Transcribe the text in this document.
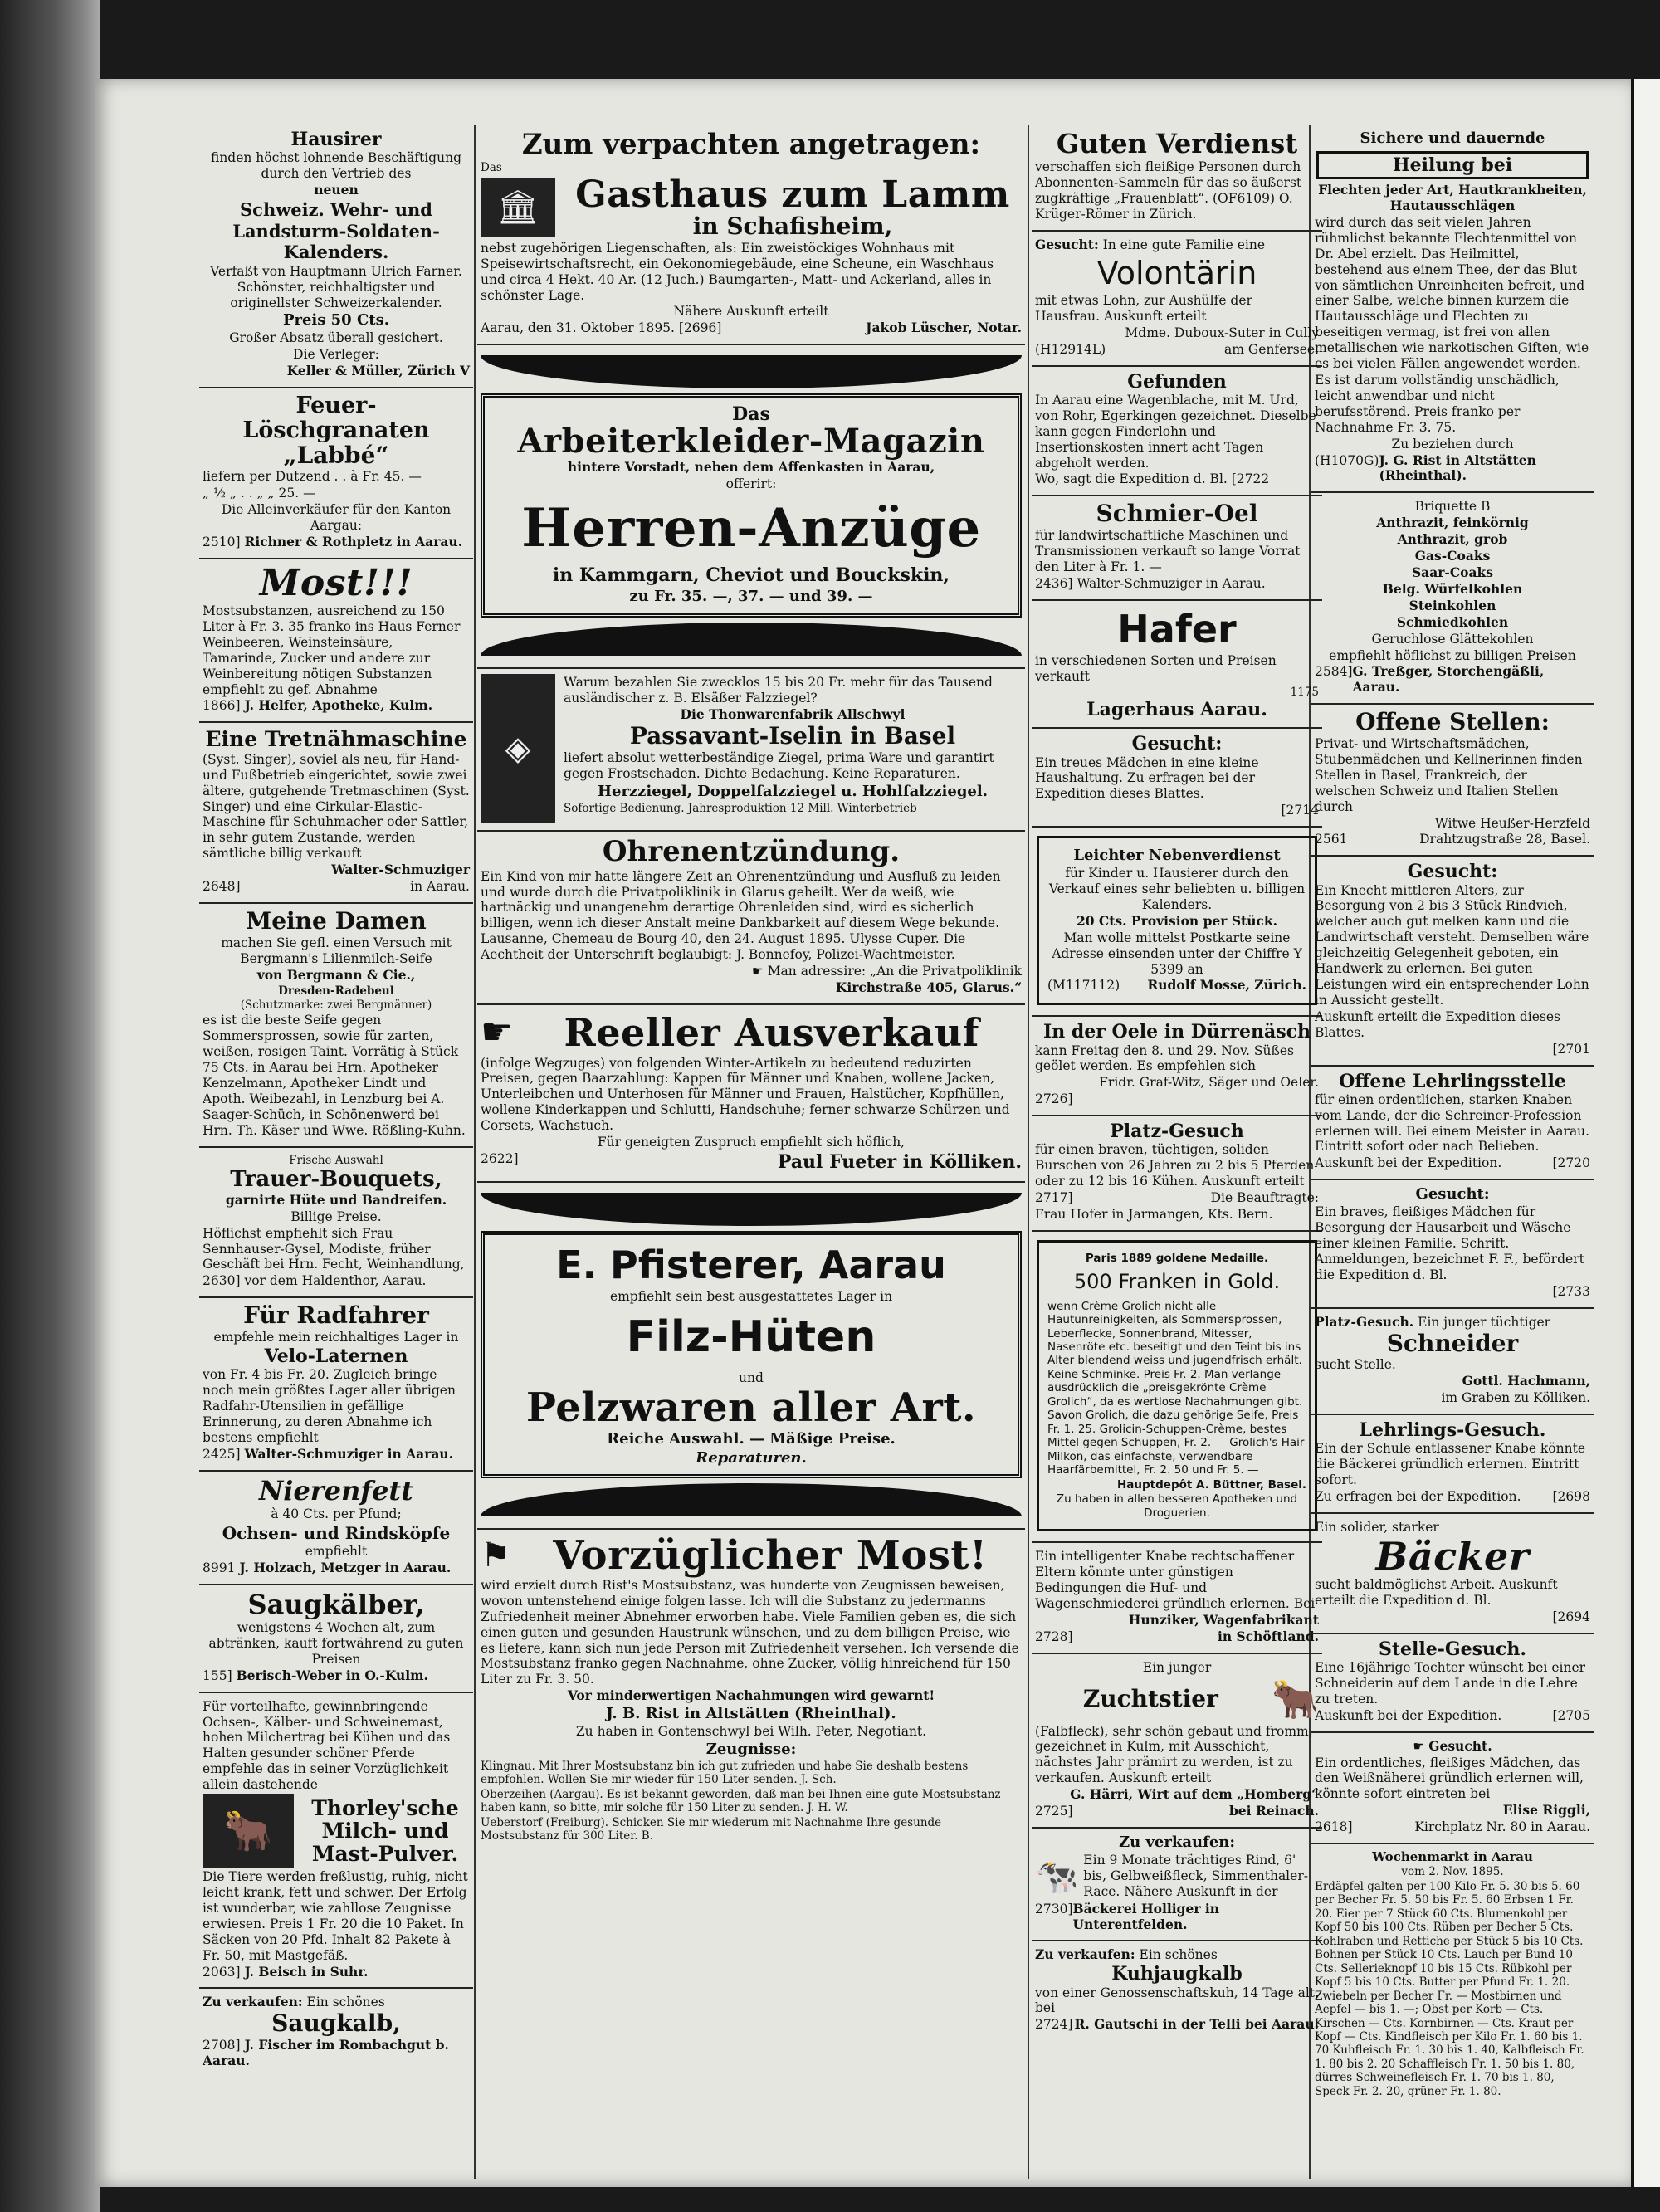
Hausirer

finden höchst lohnende Beschäftigung durch den Vertrieb des

neuen

Schweiz. Wehr- und Landsturm-Soldaten-Kalenders.

Verfaßt von Hauptmann Ulrich Farner. Schönster, reichhaltigster und originellster Schweizerkalender.

Preis 50 Cts.

Großer Absatz überall gesichert.

Die Verleger:

Keller & Müller, Zürich V

Feuer-Löschgranaten
„Labbé“

liefern per Dutzend . . à Fr. 45. —

„ ½ „ . . „ „ 25. —

Die Alleinverkäufer für den Kanton Aargau:

2510] Richner & Rothpletz in Aarau.

Most!!!

Mostsubstanzen, ausreichend zu 150 Liter à Fr. 3. 35 franko ins Haus Ferner Weinbeeren, Weinsteinsäure, Tamarinde, Zucker und andere zur Weinbereitung nötigen Substanzen empfiehlt zu gef. Abnahme

1866] J. Helfer, Apotheke, Kulm.

Eine Tretnähmaschine

(Syst. Singer), soviel als neu, für Hand- und Fußbetrieb eingerichtet, sowie zwei ältere, gutgehende Tretmaschinen (Syst. Singer) und eine Cirkular-Elastic-Maschine für Schuhmacher oder Sattler, in sehr gutem Zustande, werden sämtliche billig verkauft

Walter-Schmuziger

2648]	in Aarau.

Meine Damen

machen Sie gefl. einen Versuch mit Bergmann's Lilienmilch-Seife

von Bergmann & Cie.,

Dresden-Radebeul

(Schutzmarke: zwei Bergmänner)

es ist die beste Seife gegen Sommersprossen, sowie für zarten, weißen, rosigen Taint. Vorrätig à Stück 75 Cts. in Aarau bei Hrn. Apotheker Kenzelmann, Apotheker Lindt und Apoth. Weibezahl, in Lenzburg bei A. Saager-Schüch, in Schönenwerd bei Hrn. Th. Käser und Wwe. Rößling-Kuhn.

Frische Auswahl

Trauer-Bouquets,

garnirte Hüte und Bandreifen.

Billige Preise.

Höflichst empfiehlt sich Frau Sennhauser-Gysel, Modiste, früher Geschäft bei Hrn. Fecht, Weinhandlung,

2630] vor dem Haldenthor, Aarau.

Für Radfahrer

empfehle mein reichhaltiges Lager in

Velo-Laternen

von Fr. 4 bis Fr. 20. Zugleich bringe noch mein größtes Lager aller übrigen Radfahr-Utensilien in gefällige Erinnerung, zu deren Abnahme ich bestens empfiehlt

2425] Walter-Schmuziger in Aarau.

Nierenfett

à 40 Cts. per Pfund;

Ochsen- und Rindsköpfe

empfiehlt

8991 J. Holzach, Metzger in Aarau.

Saugkälber,

wenigstens 4 Wochen alt, zum abtränken, kauft fortwährend zu guten Preisen

155] Berisch-Weber in O.-Kulm.

Für vorteilhafte, gewinnbringende Ochsen-, Kälber- und Schweinemast, hohen Milchertrag bei Kühen und das Halten gesunder schöner Pferde empfehle das in seiner Vorzüglichkeit allein dastehende

🐂	Thorley'sche Milch- und Mast-Pulver.

Die Tiere werden freßlustig, ruhig, nicht leicht krank, fett und schwer. Der Erfolg ist wunderbar, wie zahllose Zeugnisse erwiesen. Preis 1 Fr. 20 die 10 Paket. In Säcken von 20 Pfd. Inhalt 82 Pakete à Fr. 50, mit Mastgefäß.

2063] J. Beisch in Suhr.

Zu verkaufen: Ein schönes

Saugkalb,

2708] J. Fischer im Rombachgut b. Aarau.

Zum verpachten angetragen:

Das

🏛 Gasthaus zum Lamm
in Schafisheim,

nebst zugehörigen Liegenschaften, als: Ein zweistöckiges Wohnhaus mit Speisewirtschaftsrecht, ein Oekonomiegebäude, eine Scheune, ein Waschhaus und circa 4 Hekt. 40 Ar. (12 Juch.) Baumgarten-, Matt- und Ackerland, alles in schönster Lage.

Nähere Auskunft erteilt

Aarau, den 31. Oktober 1895. [2696]	Jakob Lüscher, Notar.

Das
Arbeiterkleider-Magazin

hintere Vorstadt, neben dem Affenkasten in Aarau,

offerirt:

Herren-Anzüge

in Kammgarn, Cheviot und Bouckskin,

zu Fr. 35. —, 37. — und 39. —

◈

Warum bezahlen Sie zwecklos 15 bis 20 Fr. mehr für das Tausend ausländischer z. B. Elsäßer Falzziegel?

Die Thonwarenfabrik Allschwyl

Passavant-Iselin in Basel

liefert absolut wetterbeständige Ziegel, prima Ware und garantirt gegen Frostschaden. Dichte Bedachung. Keine Reparaturen.

Herzziegel, Doppelfalzziegel u. Hohlfalzziegel.

Sofortige Bedienung. Jahresproduktion 12 Mill. Winterbetrieb

Ohrenentzündung.

Ein Kind von mir hatte längere Zeit an Ohrenentzündung und Ausfluß zu leiden und wurde durch die Privatpoliklinik in Glarus geheilt. Wer da weiß, wie hartnäckig und unangenehm derartige Ohrenleiden sind, wird es sicherlich billigen, wenn ich dieser Anstalt meine Dankbarkeit auf diesem Wege bekunde. Lausanne, Chemeau de Bourg 40, den 24. August 1895. Ulysse Cuper. Die Aechtheit der Unterschrift beglaubigt: J. Bonnefoy, Polizei-Wachtmeister.

☛ Man adressire: „An die Privatpoliklinik

Kirchstraße 405, Glarus.“

☛	Reeller Ausverkauf

(infolge Wegzuges) von folgenden Winter-Artikeln zu bedeutend reduzirten Preisen, gegen Baarzahlung: Kappen für Männer und Knaben, wollene Jacken, Unterleibchen und Unterhosen für Männer und Frauen, Halstücher, Kopfhüllen, wollene Kinderkappen und Schlutti, Handschuhe; ferner schwarze Schürzen und Corsets, Wachstuch.

Für geneigten Zuspruch empfiehlt sich höflich,

2622]	Paul Fueter in Kölliken.

E. Pfisterer, Aarau

empfiehlt sein best ausgestattetes Lager in

Filz-Hüten

und

Pelzwaren aller Art.

Reiche Auswahl. — Mäßige Preise.

Reparaturen.

⚑	Vorzüglicher Most!

wird erzielt durch Rist's Mostsubstanz, was hunderte von Zeugnissen beweisen, wovon untenstehend einige folgen lasse. Ich will die Substanz zu jedermanns Zufriedenheit meiner Abnehmer erworben habe. Viele Familien geben es, die sich einen guten und gesunden Haustrunk wünschen, und zu dem billigen Preise, wie es liefere, kann sich nun jede Person mit Zufriedenheit versehen. Ich versende die Mostsubstanz franko gegen Nachnahme, ohne Zucker, völlig hinreichend für 150 Liter zu Fr. 3. 50.

Vor minderwertigen Nachahmungen wird gewarnt!

J. B. Rist in Altstätten (Rheinthal).

Zu haben in Gontenschwyl bei Wilh. Peter, Negotiant.

Zeugnisse:

Klingnau. Mit Ihrer Mostsubstanz bin ich gut zufrieden und habe Sie deshalb bestens empfohlen. Wollen Sie mir wieder für 150 Liter senden. J. Sch.

Oberzeihen (Aargau). Es ist bekannt geworden, daß man bei Ihnen eine gute Mostsubstanz haben kann, so bitte, mir solche für 150 Liter zu senden. J. H. W.

Ueberstorf (Freiburg). Schicken Sie mir wiederum mit Nachnahme Ihre gesunde Mostsubstanz für 300 Liter. B.

Guten Verdienst

verschaffen sich fleißige Personen durch Abonnenten-Sammeln für das so äußerst zugkräftige „Frauenblatt“. (OF6109) O. Krüger-Römer in Zürich.

Gesucht: In eine gute Familie eine

Volontärin

mit etwas Lohn, zur Aushülfe der Hausfrau. Auskunft erteilt

Mdme. Duboux-Suter in Cully

(H12914L)	am Genfersee.

Gefunden

In Aarau eine Wagenblache, mit M. Urd, von Rohr, Egerkingen gezeichnet. Dieselbe kann gegen Finderlohn und Insertionskosten innert acht Tagen abgeholt werden.

Wo, sagt die Expedition d. Bl. [2722

Schmier-Oel

für landwirtschaftliche Maschinen und Transmissionen verkauft so lange Vorrat den Liter à Fr. 1. —

2436] Walter-Schmuziger in Aarau.

Hafer

in verschiedenen Sorten und Preisen verkauft

1175

Lagerhaus Aarau.

Gesucht:

Ein treues Mädchen in eine kleine Haushaltung. Zu erfragen bei der Expedition dieses Blattes.

[2714

Leichter Nebenverdienst

für Kinder u. Hausierer durch den Verkauf eines sehr beliebten u. billigen Kalenders.

20 Cts. Provision per Stück.

Man wolle mittelst Postkarte seine Adresse einsenden unter der Chiffre Y 5399 an

(M117112) Rudolf Mosse, Zürich.

In der Oele in Dürrenäsch

kann Freitag den 8. und 29. Nov. Süßes geölet werden. Es empfehlen sich

Fridr. Graf-Witz, Säger und Oeler.

2726]

Platz-Gesuch

für einen braven, tüchtigen, soliden Burschen von 26 Jahren zu 2 bis 5 Pferden oder zu 12 bis 16 Kühen. Auskunft erteilt

2717]	Die Beauftragte:

Frau Hofer in Jarmangen, Kts. Bern.

Paris 1889 goldene Medaille.

500 Franken in Gold.

wenn Crème Grolich nicht alle Hautunreinigkeiten, als Sommersprossen, Leberflecke, Sonnenbrand, Mitesser, Nasenröte etc. beseitigt und den Teint bis ins Alter blendend weiss und jugendfrisch erhält. Keine Schminke. Preis Fr. 2. Man verlange ausdrücklich die „preisgekrönte Crème Grolich“, da es wertlose Nachahmungen gibt. Savon Grolich, die dazu gehörige Seife, Preis Fr. 1. 25. Grolicin-Schuppen-Crème, bestes Mittel gegen Schuppen, Fr. 2. — Grolich's Hair Milkon, das einfachste, verwendbare Haarfärbemittel, Fr. 2. 50 und Fr. 5. —

Hauptdepôt A. Büttner, Basel.

Zu haben in allen besseren Apotheken und Droguerien.

Ein intelligenter Knabe rechtschaffener Eltern könnte unter günstigen Bedingungen die Huf- und Wagenschmiederei gründlich erlernen. Bei

Hunziker, Wagenfabrikant

2728]	in Schöftland.

Ein junger

Zuchtstier	🐂

(Falbfleck), sehr schön gebaut und fromm, gezeichnet in Kulm, mit Ausschicht, nächstes Jahr prämirt zu werden, ist zu verkaufen. Auskunft erteilt

G. Härri, Wirt auf dem „Homberg“

2725]	bei Reinach.

Zu verkaufen:
🐄 Ein 9 Monate trächtiges Rind, 6' bis, Gelbweißfleck, Simmenthaler-Race. Nähere Auskunft in der

2730] Bäckerei Holliger in Unterentfelden.

Zu verkaufen: Ein schönes

Kuhjaugkalb

von einer Genossenschaftskuh, 14 Tage alt, bei

2724] R. Gautschi in der Telli bei Aarau.

Sichere und dauernde
Heilung bei

Flechten jeder Art, Hautkrankheiten, Hautausschlägen

wird durch das seit vielen Jahren rühmlichst bekannte Flechtenmittel von Dr. Abel erzielt. Das Heilmittel, bestehend aus einem Thee, der das Blut von sämtlichen Unreinheiten befreit, und einer Salbe, welche binnen kurzem die Hautausschläge und Flechten zu beseitigen vermag, ist frei von allen metallischen wie narkotischen Giften, wie es bei vielen Fällen angewendet werden.

Es ist darum vollständig unschädlich, leicht anwendbar und nicht berufsstörend. Preis franko per Nachnahme Fr. 3. 75.

Zu beziehen durch

(H1070G) J. G. Rist in Altstätten (Rheinthal).

Briquette B

Anthrazit, feinkörnig

Anthrazit, grob

Gas-Coaks

Saar-Coaks

Belg. Würfelkohlen

Steinkohlen

Schmiedkohlen

Geruchlose Glättekohlen

empfiehlt höflichst zu billigen Preisen

2584] G. Treßger, Storchengäßli, Aarau.

Offene Stellen:

Privat- und Wirtschaftsmädchen, Stubenmädchen und Kellnerinnen finden Stellen in Basel, Frankreich, der welschen Schweiz und Italien Stellen durch

Witwe Heußer-Herzfeld

2561	Drahtzugstraße 28, Basel.

Gesucht:

Ein Knecht mittleren Alters, zur Besorgung von 2 bis 3 Stück Rindvieh, welcher auch gut melken kann und die Landwirtschaft versteht. Demselben wäre gleichzeitig Gelegenheit geboten, ein Handwerk zu erlernen. Bei guten Leistungen wird ein entsprechender Lohn in Aussicht gestellt.

Auskunft erteilt die Expedition dieses Blattes.

[2701

Offene Lehrlingsstelle

für einen ordentlichen, starken Knaben vom Lande, der die Schreiner-Profession erlernen will. Bei einem Meister in Aarau. Eintritt sofort oder nach Belieben.

Auskunft bei der Expedition.	[2720

Gesucht:

Ein braves, fleißiges Mädchen für Besorgung der Hausarbeit und Wäsche einer kleinen Familie. Schrift. Anmeldungen, bezeichnet F. F., befördert die Expedition d. Bl.

[2733

Platz-Gesuch. Ein junger tüchtiger

Schneider

sucht Stelle.

Gottl. Hachmann,

im Graben zu Kölliken.

Lehrlings-Gesuch.

Ein der Schule entlassener Knabe könnte die Bäckerei gründlich erlernen. Eintritt sofort.

Zu erfragen bei der Expedition. [2698

Ein solider, starker

Bäcker

sucht baldmöglichst Arbeit. Auskunft erteilt die Expedition d. Bl.

[2694

Stelle-Gesuch.

Eine 16jährige Tochter wünscht bei einer Schneiderin auf dem Lande in die Lehre zu treten.

Auskunft bei der Expedition.	[2705

☛ Gesucht.

Ein ordentliches, fleißiges Mädchen, das den Weißnäherei gründlich erlernen will, könnte sofort eintreten bei

Elise Riggli,

2618]	Kirchplatz Nr. 80 in Aarau.

Wochenmarkt in Aarau

vom 2. Nov. 1895.

Erdäpfel galten per 100 Kilo Fr. 5. 30 bis 5. 60 per Becher Fr. 5. 50 bis Fr. 5. 60 Erbsen 1 Fr. 20. Eier per 7 Stück 60 Cts. Blumenkohl per Kopf 50 bis 100 Cts. Rüben per Becher 5 Cts. Kohlraben und Rettiche per Stück 5 bis 10 Cts. Bohnen per Stück 10 Cts. Lauch per Bund 10 Cts. Sellerieknopf 10 bis 15 Cts. Rübkohl per Kopf 5 bis 10 Cts. Butter per Pfund Fr. 1. 20. Zwiebeln per Becher Fr. — Mostbirnen und Aepfel — bis 1. —; Obst per Korb — Cts. Kirschen — Cts. Kornbirnen — Cts. Kraut per Kopf — Cts. Kindfleisch per Kilo Fr. 1. 60 bis 1. 70 Kuhfleisch Fr. 1. 30 bis 1. 40, Kalbfleisch Fr. 1. 80 bis 2. 20 Schaffleisch Fr. 1. 50 bis 1. 80, dürres Schweinefleisch Fr. 1. 70 bis 1. 80, Speck Fr. 2. 20, grüner Fr. 1. 80.
